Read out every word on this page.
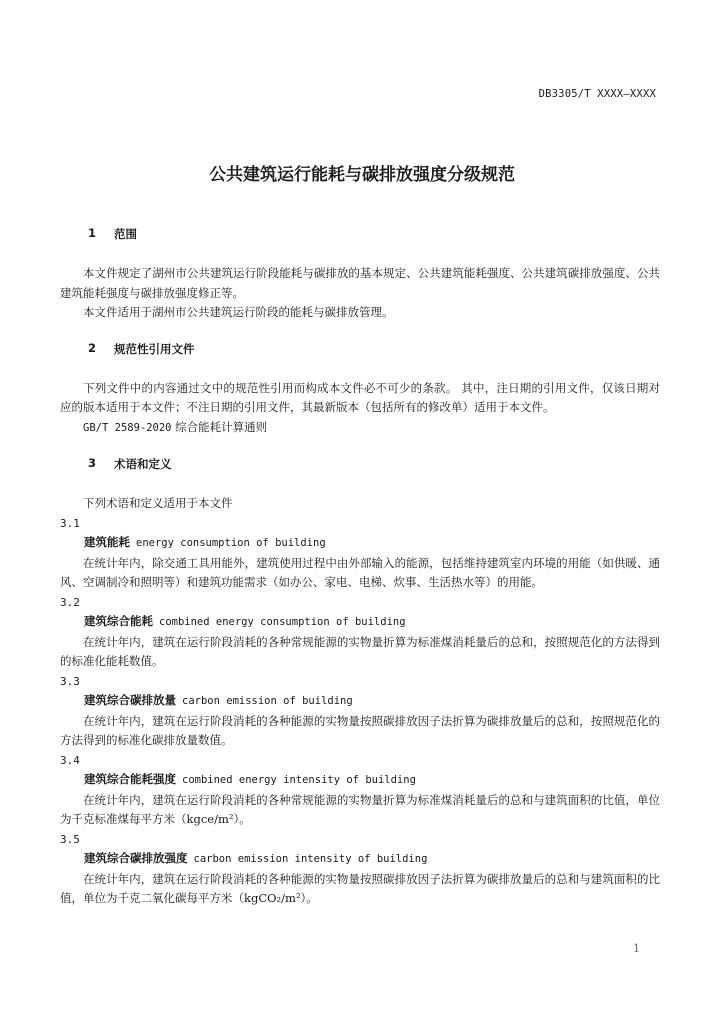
DB3305/T XXXX—XXXX
公共建筑运行能耗与碳排放强度分级规范
1 范围

本文件规定了湖州市公共建筑运行阶段能耗与碳排放的基本规定、公共建筑能耗强度、公共建筑碳排放强度、公共建筑能耗强度与碳排放强度修正等。

本文件适用于湖州市公共建筑运行阶段的能耗与碳排放管理。

2 规范性引用文件

下列文件中的内容通过文中的规范性引用而构成本文件必不可少的条款。 其中，注日期的引用文件，仅该日期对应的版本适用于本文件；不注日期的引用文件，其最新版本（包括所有的修改单）适用于本文件。

GB/T 2589-2020 综合能耗计算通则

3 术语和定义

下列术语和定义适用于本文件

3.1
建筑能耗 energy consumption of building

在统计年内，除交通工具用能外，建筑使用过程中由外部输入的能源，包括维持建筑室内环境的用能（如供暖、通风、空调制冷和照明等）和建筑功能需求（如办公、家电、电梯、炊事、生活热水等）的用能。

3.2
建筑综合能耗 combined energy consumption of building

在统计年内，建筑在运行阶段消耗的各种常规能源的实物量折算为标准煤消耗量后的总和，按照规范化的方法得到的标准化能耗数值。

3.3
建筑综合碳排放量 carbon emission of building

在统计年内，建筑在运行阶段消耗的各种能源的实物量按照碳排放因子法折算为碳排放量后的总和，按照规范化的方法得到的标准化碳排放量数值。

3.4
建筑综合能耗强度 combined energy intensity of building

在统计年内，建筑在运行阶段消耗的各种常规能源的实物量折算为标准煤消耗量后的总和与建筑面积的比值，单位为千克标准煤每平方米（kgce/m²）。

3.5
建筑综合碳排放强度 carbon emission intensity of building

在统计年内，建筑在运行阶段消耗的各种能源的实物量按照碳排放因子法折算为碳排放量后的总和与建筑面积的比值，单位为千克二氧化碳每平方米（kgCO₂/m²）。

1
